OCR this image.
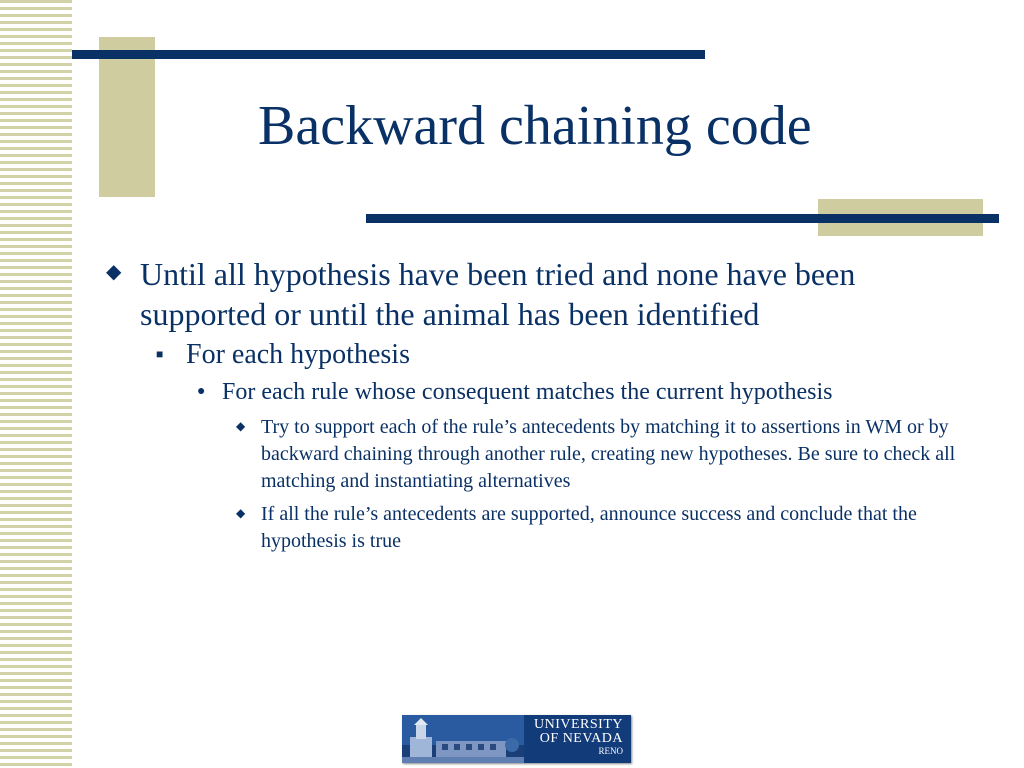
Backward chaining code
◆ Until all hypothesis have been tried and none have been supported or until the animal has been identified
■ For each hypothesis
● For each rule whose consequent matches the current hypothesis
◆ Try to support each of the rule’s antecedents by matching it to assertions in WM or by backward chaining through another rule, creating new hypotheses. Be sure to check all matching and instantiating alternatives
◆ If all the rule’s antecedents are supported, announce success and conclude that the hypothesis is true
UNIVERSITY
OF NEVADA
RENO
